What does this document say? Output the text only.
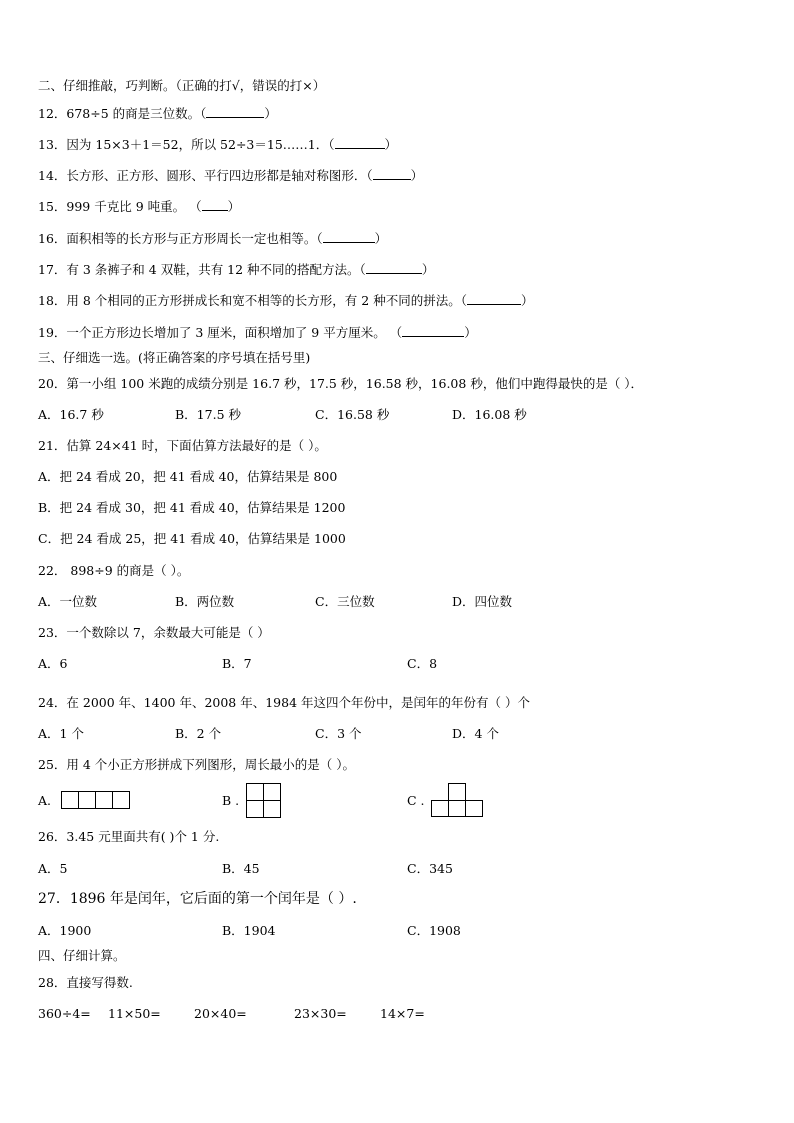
二、仔细推敲，巧判断。（正确的打√，错误的打×）
12．678÷5 的商是三位数。（	）
13．因为 15×3＋1＝52，所以 52÷3＝15……1．（	）
14．长方形、正方形、圆形、平行四边形都是轴对称图形．（	）
15．999 千克比 9 吨重。 （ ）
16．面积相等的长方形与正方形周长一定也相等。（	）
17．有 3 条裤子和 4 双鞋，共有 12 种不同的搭配方法。（	）
18．用 8 个相同的正方形拼成长和宽不相等的长方形，有 2 种不同的拼法。（	）
19．一个正方形边长增加了 3 厘米，面积增加了 9 平方厘米。 （	）
三、仔细选一选。(将正确答案的序号填在括号里)
20．第一小组 100 米跑的成绩分别是 16.7 秒，17.5 秒，16.58 秒，16.08 秒，他们中跑得最快的是（ ）．
A．16.7 秒	B．17.5 秒	C．16.58 秒	D．16.08 秒
21．估算 24×41 时，下面估算方法最好的是（ ）。
A．把 24 看成 20，把 41 看成 40，估算结果是 800
B．把 24 看成 30，把 41 看成 40，估算结果是 1200
C．把 24 看成 25，把 41 看成 40，估算结果是 1000
22． 898÷9 的商是（ ）。
A．一位数	B．两位数	C．三位数	D．四位数
23．一个数除以 7，余数最大可能是（ ）
A．6	B．7	C．8
24．在 2000 年、1400 年、2008 年、1984 年这四个年份中，是闰年的年份有（ ）个
A．1 个	B．2 个	C．3 个	D．4 个
25．用 4 个小正方形拼成下列图形，周长最小的是（ ）。
A.	B .	C .
26．3.45 元里面共有( )个 1 分.
A．5	B．45	C．345
27．1896 年是闰年，它后面的第一个闰年是（ ）.
A．1900	B．1904	C．1908
四、仔细计算。
28．直接写得数.
360÷4= 11×50=	20×40=	23×30=	14×7=
